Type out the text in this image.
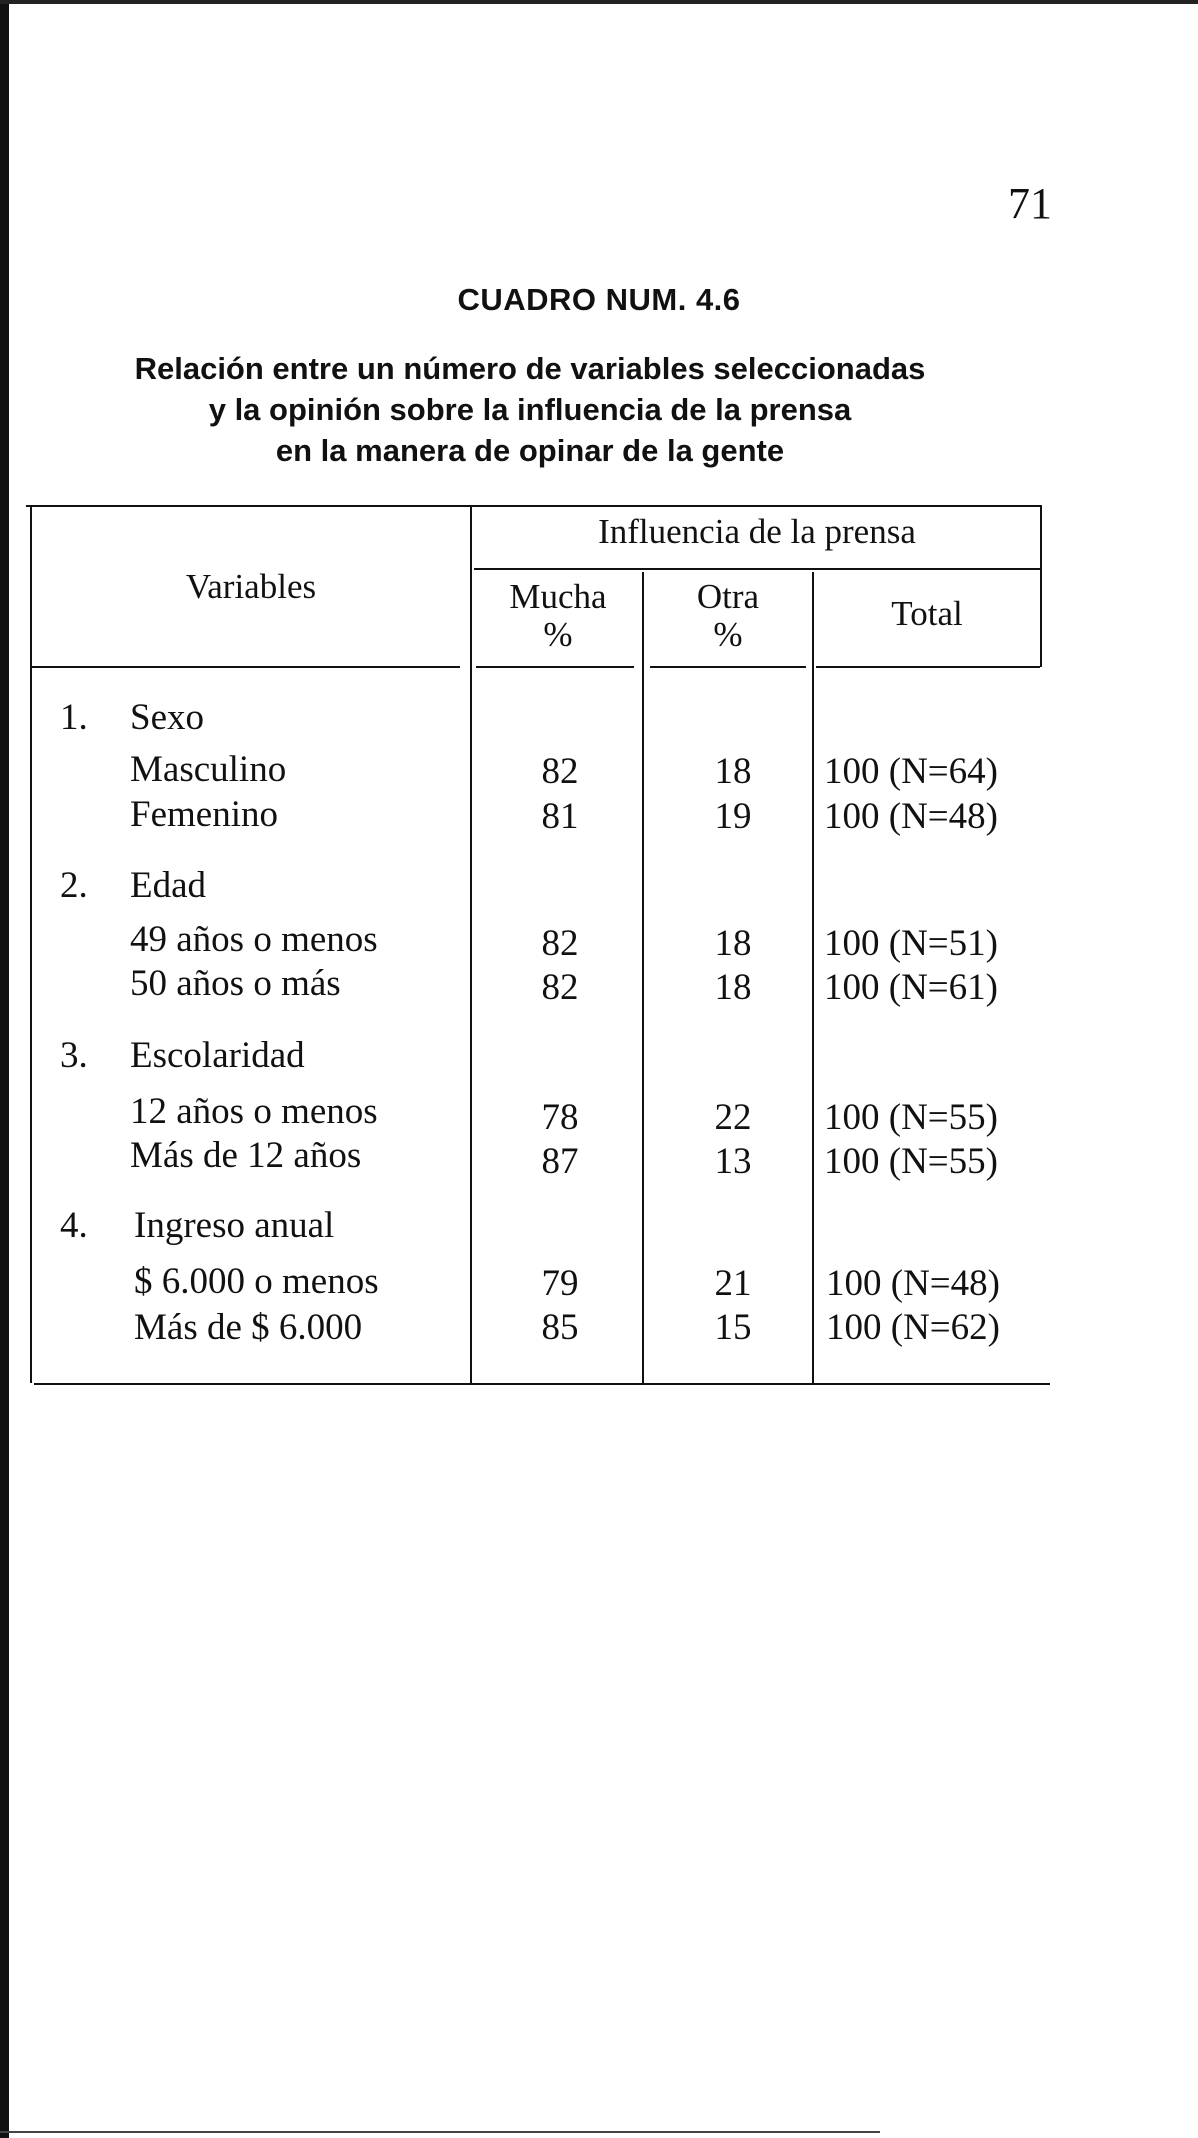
71
CUADRO NUM. 4.6
Relación entre un número de variables seleccionadas
y la opinión sobre la influencia de la prensa
en la manera de opinar de la gente
Variables
Influencia de la prensa
Mucha
%
Otra
%
Total
1. Sexo
Masculino	82	18	100 (N=64)
Femenino	81	19	100 (N=48)
2. Edad
49 años o menos	82	18	100 (N=51)
50 años o más	82	18	100 (N=61)
3. Escolaridad
12 años o menos	78	22	100 (N=55)
Más de 12 años	87	13	100 (N=55)
4. Ingreso anual
$ 6.000 o menos	79	21	100 (N=48)
Más de $ 6.000	85	15	100 (N=62)
